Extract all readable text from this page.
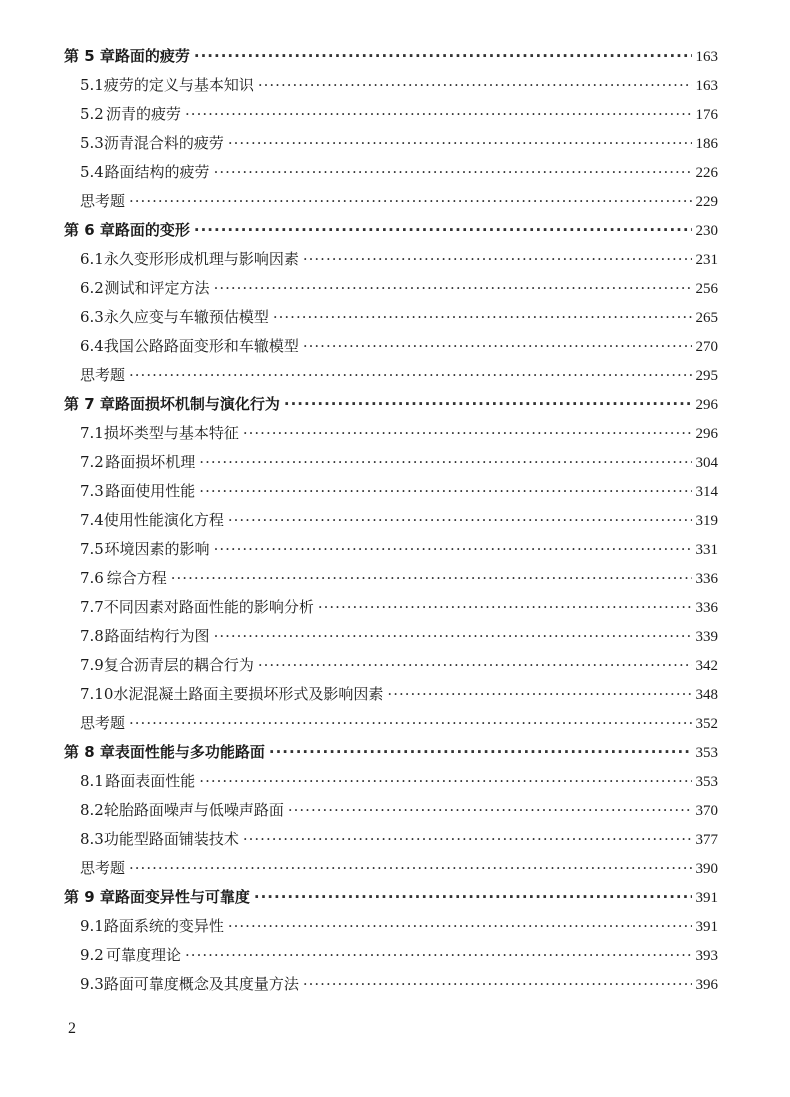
第 5 章 路面的疲劳 ·····	163
5.1 疲劳的定义与基本知识 ·····	163
5.2 沥青的疲劳 ·····	176
5.3 沥青混合料的疲劳 ·····	186
5.4 路面结构的疲劳 ·····	226
思考题 ·····	229
第 6 章 路面的变形 ·····	230
6.1 永久变形形成机理与影响因素 ·····	231
6.2 测试和评定方法 ·····	256
6.3 永久应变与车辙预估模型 ·····	265
6.4 我国公路路面变形和车辙模型 ·····	270
思考题 ·····	295
第 7 章 路面损坏机制与演化行为 ·····	296
7.1 损坏类型与基本特征 ·····	296
7.2 路面损坏机理 ·····	304
7.3 路面使用性能 ·····	314
7.4 使用性能演化方程 ·····	319
7.5 环境因素的影响 ·····	331
7.6 综合方程 ·····	336
7.7 不同因素对路面性能的影响分析 ·····	336
7.8 路面结构行为图 ·····	339
7.9 复合沥青层的耦合行为 ·····	342
7.10 水泥混凝土路面主要损坏形式及影响因素 ·····	348
思考题 ·····	352
第 8 章 表面性能与多功能路面 ·····	353
8.1 路面表面性能 ·····	353
8.2 轮胎路面噪声与低噪声路面 ·····	370
8.3 功能型路面铺装技术 ·····	377
思考题 ·····	390
第 9 章 路面变异性与可靠度 ·····	391
9.1 路面系统的变异性 ·····	391
9.2 可靠度理论 ·····	393
9.3 路面可靠度概念及其度量方法 ·····	396
2
